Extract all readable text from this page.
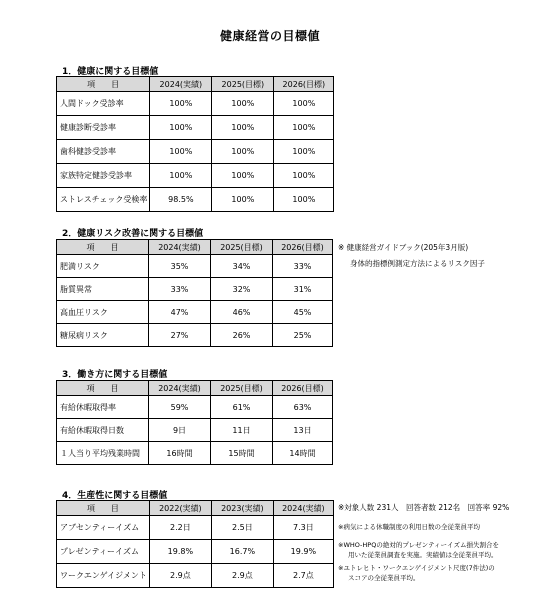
健康経営の目標値
1．健康に関する目標値
項　　目	2024(実績)	2025(目標)	2026(目標)
人間ドック受診率	100%	100%	100%
健康診断受診率	100%	100%	100%
歯科健診受診率	100%	100%	100%
家族特定健診受診率	100%	100%	100%
ストレスチェック受検率	98.5%	100%	100%
2．健康リスク改善に関する目標値
項　　目	2024(実績)	2025(目標)	2026(目標)
肥満リスク	35%	34%	33%
脂質異常	33%	32%	31%
高血圧リスク	47%	46%	45%
糖尿病リスク	27%	26%	25%
※ 健康経営ガイドブック(205年3月版)
身体的指標例測定方法によるリスク因子
3．働き方に関する目標値
項　　目	2024(実績)	2025(目標)	2026(目標)
有給休暇取得率	59%	61%	63%
有給休暇取得日数	9日	11日	13日
１人当り平均残業時間	16時間	15時間	14時間
4．生産性に関する目標値
項　　目	2022(実績)	2023(実績)	2024(実績)
アブセンティーイズム	2.2日	2.5日	7.3日
プレゼンティーイズム	19.8%	16.7%	19.9%
ワークエンゲイジメント	2.9点	2.9点	2.7点
※対象人数 231人　回答者数 212名　回答率 92%
※病気による休職制度の利用日数の全従業員平均
※WHO-HPQの絶対的プレゼンティーイズム損失割合を
用いた従業員調査を実施。実績値は全従業員平均。
※ユトレヒト・ワークエンゲイジメント尺度(7件法)の
スコアの全従業員平均。
